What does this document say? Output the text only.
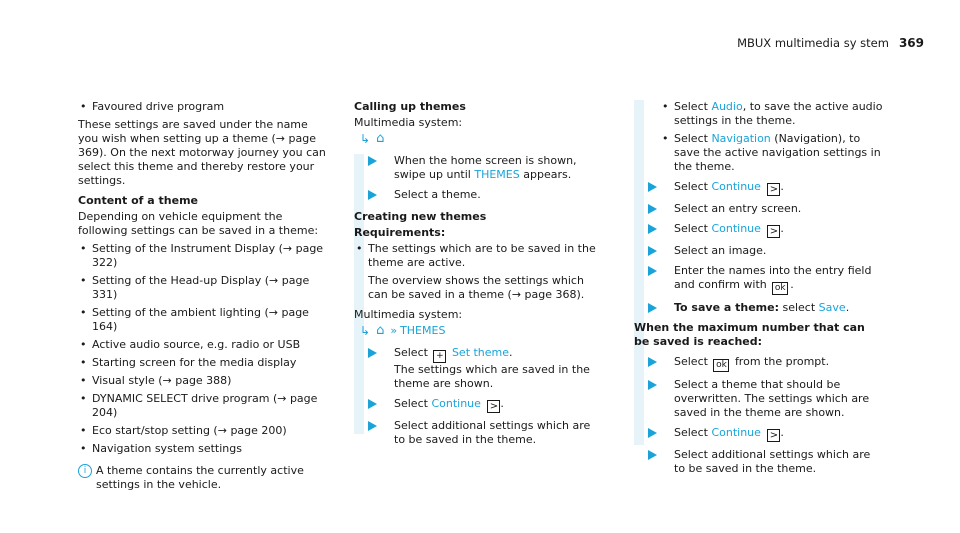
MBUX multimedia sy stem 369
• Favoured drive program

These settings are saved under the name you wish when setting up a theme (→ page 369). On the next motorway journey you can select this theme and thereby restore your settings.

Content of a theme

Depending on vehicle equipment the following settings can be saved in a theme:

• Setting of the Instrument Display (→ page 322)
• Setting of the Head-up Display (→ page 331)
• Setting of the ambient lighting (→ page 164)
• Active audio source, e.g. radio or USB
• Starting screen for the media display
• Visual style (→ page 388)
• DYNAMIC SELECT drive program (→ page 204)
• Eco start/stop setting (→ page 200)
• Navigation system settings
i A theme contains the currently active settings in the vehicle.
Calling up themes
Multimedia system:
↳ ⌂
When the home screen is shown, swipe up until THEMES appears.
Select a theme.
Creating new themes
Requirements:
• The settings which are to be saved in the theme are active.

The overview shows the settings which can be saved in a theme (→ page 368).

Multimedia system:
↳ ⌂ » THEMES
Select + Set theme.
The settings which are saved in the theme are shown.
Select Continue > .
Select additional settings which are to be saved in the theme.
• Select Audio, to save the active audio settings in the theme.
• Select Navigation (Navigation), to save the active navigation settings in the theme.
Select Continue > .
Select an entry screen.
Select Continue > .
Select an image.
Enter the names into the entry field and confirm with ok .
To save a theme: select Save.
When the maximum number that can be saved is reached:
Select ok from the prompt.
Select a theme that should be overwritten. The settings which are saved in the theme are shown.
Select Continue > .
Select additional settings which are to be saved in the theme.
